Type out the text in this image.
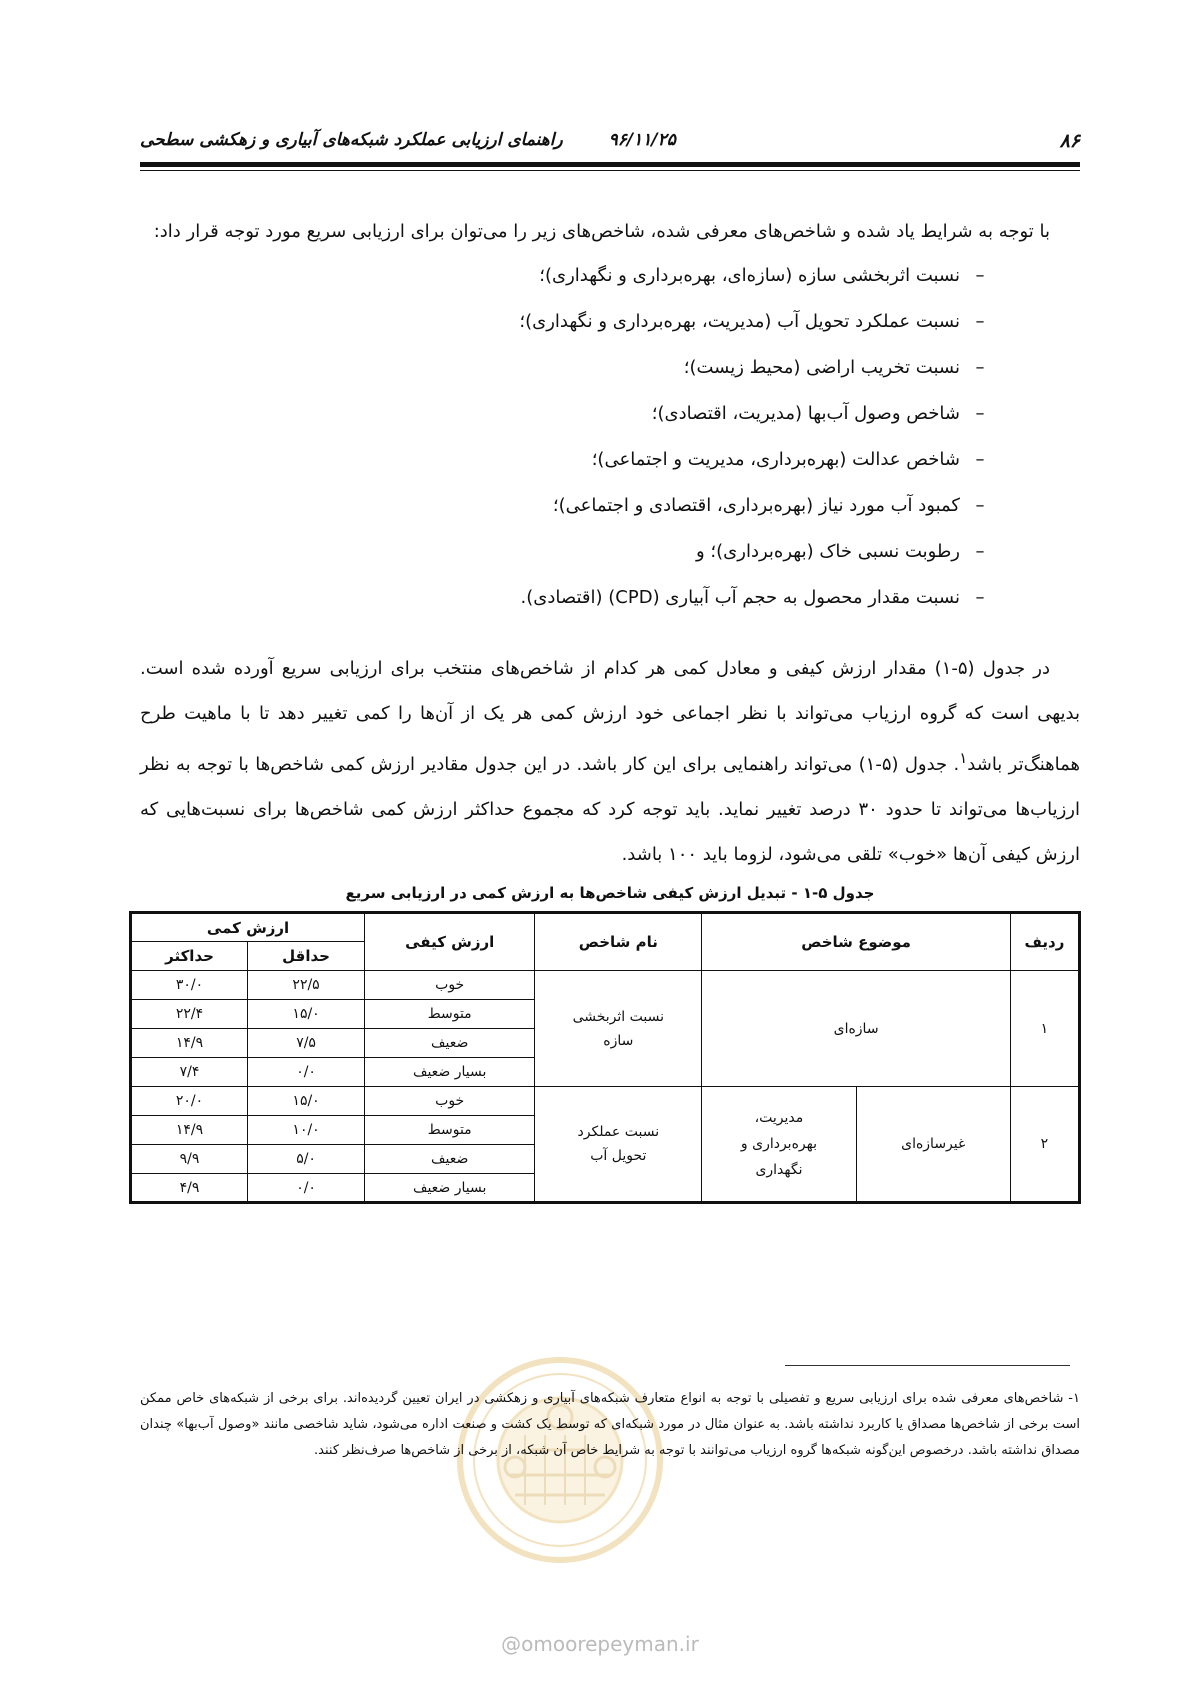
۸۶
۹۶/۱۱/۲۵ راهنمای ارزیابی عملکرد شبکه‌های آبیاری و زهکشی سطحی
با توجه به شرایط یاد شده و شاخص‌های معرفی شده، شاخص‌های زیر را می‌توان برای ارزیابی سریع مورد توجه قرار داد:
–
نسبت اثربخشی سازه (سازه‌ای، بهره‌برداری و نگهداری)؛
–
نسبت عملکرد تحویل آب (مدیریت، بهره‌برداری و نگهداری)؛
–
نسبت تخریب اراضی (محیط زیست)؛
–
شاخص وصول آب‌بها (مدیریت، اقتصادی)؛
–
شاخص عدالت (بهره‌برداری، مدیریت و اجتماعی)؛
–
کمبود آب مورد نیاز (بهره‌برداری، اقتصادی و اجتماعی)؛
–
رطوبت نسبی خاک (بهره‌برداری)؛ و
–
نسبت مقدار محصول به حجم آب آبیاری (CPD) (اقتصادی).

در جدول (۵-۱) مقدار ارزش کیفی و معادل کمی هر کدام از شاخص‌های منتخب برای ارزیابی سریع آورده شده است. بدیهی است که گروه ارزیاب می‌تواند با نظر اجماعی خود ارزش کمی هر یک از آن‌ها را کمی تغییر دهد تا با ماهیت طرح هماهنگ‌تر باشد$^۱$. جدول (۵-۱) می‌تواند راهنمایی برای این کار باشد. در این جدول مقادیر ارزش کمی شاخص‌ها با توجه به نظر ارزیاب‌ها می‌تواند تا حدود ۳۰ درصد تغییر نماید. باید توجه کرد که مجموع حداکثر ارزش کمی شاخص‌ها برای نسبت‌هایی که ارزش کیفی آن‌ها «خوب» تلقی می‌شود، لزوما باید ۱۰۰ باشد.

جدول ۵-۱ - تبدیل ارزش کیفی شاخص‌ها به ارزش کمی در ارزیابی سریع
ردیف	موضوع شاخص		نام شاخص	ارزش کیفی	ارزش کمی	
					حداقل	حداکثر
۱	سازه‌ای		نسبت اثربخشی سازه	خوب	۲۲/۵	۳۰/۰
				متوسط	۱۵/۰	۲۲/۴
				ضعیف	۷/۵	۱۴/۹
				بسیار ضعیف	۰/۰	۷/۴
۲	غیرسازه‌ای	مدیریت، بهره‌برداری و نگهداری	نسبت عملکرد تحویل آب	خوب	۱۵/۰	۲۰/۰
				متوسط	۱۰/۰	۱۴/۹
				ضعیف	۵/۰	۹/۹
				بسیار ضعیف	۰/۰	۴/۹
۱- شاخص‌های معرفی شده برای ارزیابی سریع و تفصیلی با توجه به انواع متعارف شبکه‌های آبیاری و زهکشی در ایران تعیین گردیده‌اند. برای برخی از شبکه‌های خاص ممکن است برخی از شاخص‌ها مصداق یا کاربرد نداشته باشد. به عنوان مثال در مورد شبکه‌ای که توسط یک کشت و صنعت اداره می‌شود، شاید شاخصی مانند «وصول آب‌بها» چندان مصداق نداشته باشد. درخصوص این‌گونه شبکه‌ها گروه ارزیاب می‌توانند با توجه به شرایط خاص آن شبکه، از برخی از شاخص‌ها صرف‌نظر کنند.
@omoorepeyman.ir
